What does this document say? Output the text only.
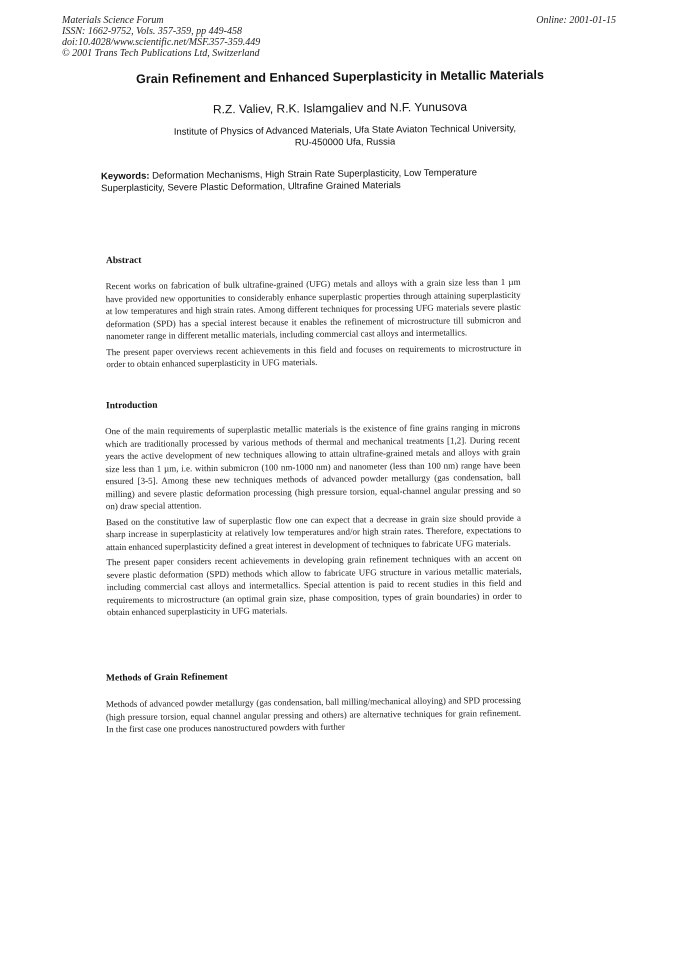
Materials Science Forum
ISSN: 1662-9752, Vols. 357-359, pp 449-458
doi:10.4028/www.scientific.net/MSF.357-359.449
© 2001 Trans Tech Publications Ltd, Switzerland
Online: 2001-01-15
Grain Refinement and Enhanced Superplasticity in Metallic Materials
R.Z. Valiev, R.K. Islamgaliev and N.F. Yunusova
Institute of Physics of Advanced Materials, Ufa State Aviaton Technical University,
RU-450000 Ufa, Russia
Keywords: Deformation Mechanisms, High Strain Rate Superplasticity, Low Temperature Superplasticity, Severe Plastic Deformation, Ultrafine Grained Materials
Abstract

Recent works on fabrication of bulk ultrafine-grained (UFG) metals and alloys with a grain size less than 1 µm have provided new opportunities to considerably enhance superplastic properties through attaining superplasticity at low temperatures and high strain rates. Among different techniques for processing UFG materials severe plastic deformation (SPD) has a special interest because it enables the refinement of microstructure till submicron and nanometer range in different metallic materials, including commercial cast alloys and intermetallics.

The present paper overviews recent achievements in this field and focuses on requirements to microstructure in order to obtain enhanced superplasticity in UFG materials.

Introduction

One of the main requirements of superplastic metallic materials is the existence of fine grains ranging in microns which are traditionally processed by various methods of thermal and mechanical treatments [1,2]. During recent years the active development of new techniques allowing to attain ultrafine-grained metals and alloys with grain size less than 1 µm, i.e. within submicron (100 nm-1000 nm) and nanometer (less than 100 nm) range have been ensured [3-5]. Among these new techniques methods of advanced powder metallurgy (gas condensation, ball milling) and severe plastic deformation processing (high pressure torsion, equal-channel angular pressing and so on) draw special attention.

Based on the constitutive law of superplastic flow one can expect that a decrease in grain size should provide a sharp increase in superplasticity at relatively low temperatures and/or high strain rates. Therefore, expectations to attain enhanced superplasticity defined a great interest in development of techniques to fabricate UFG materials.

The present paper considers recent achievements in developing grain refinement techniques with an accent on severe plastic deformation (SPD) methods which allow to fabricate UFG structure in various metallic materials, including commercial cast alloys and intermetallics. Special attention is paid to recent studies in this field and requirements to microstructure (an optimal grain size, phase composition, types of grain boundaries) in order to obtain enhanced superplasticity in UFG materials.

Methods of Grain Refinement

Methods of advanced powder metallurgy (gas condensation, ball milling/mechanical alloying) and SPD processing (high pressure torsion, equal channel angular pressing and others) are alternative techniques for grain refinement. In the first case one produces nanostructured powders with further
